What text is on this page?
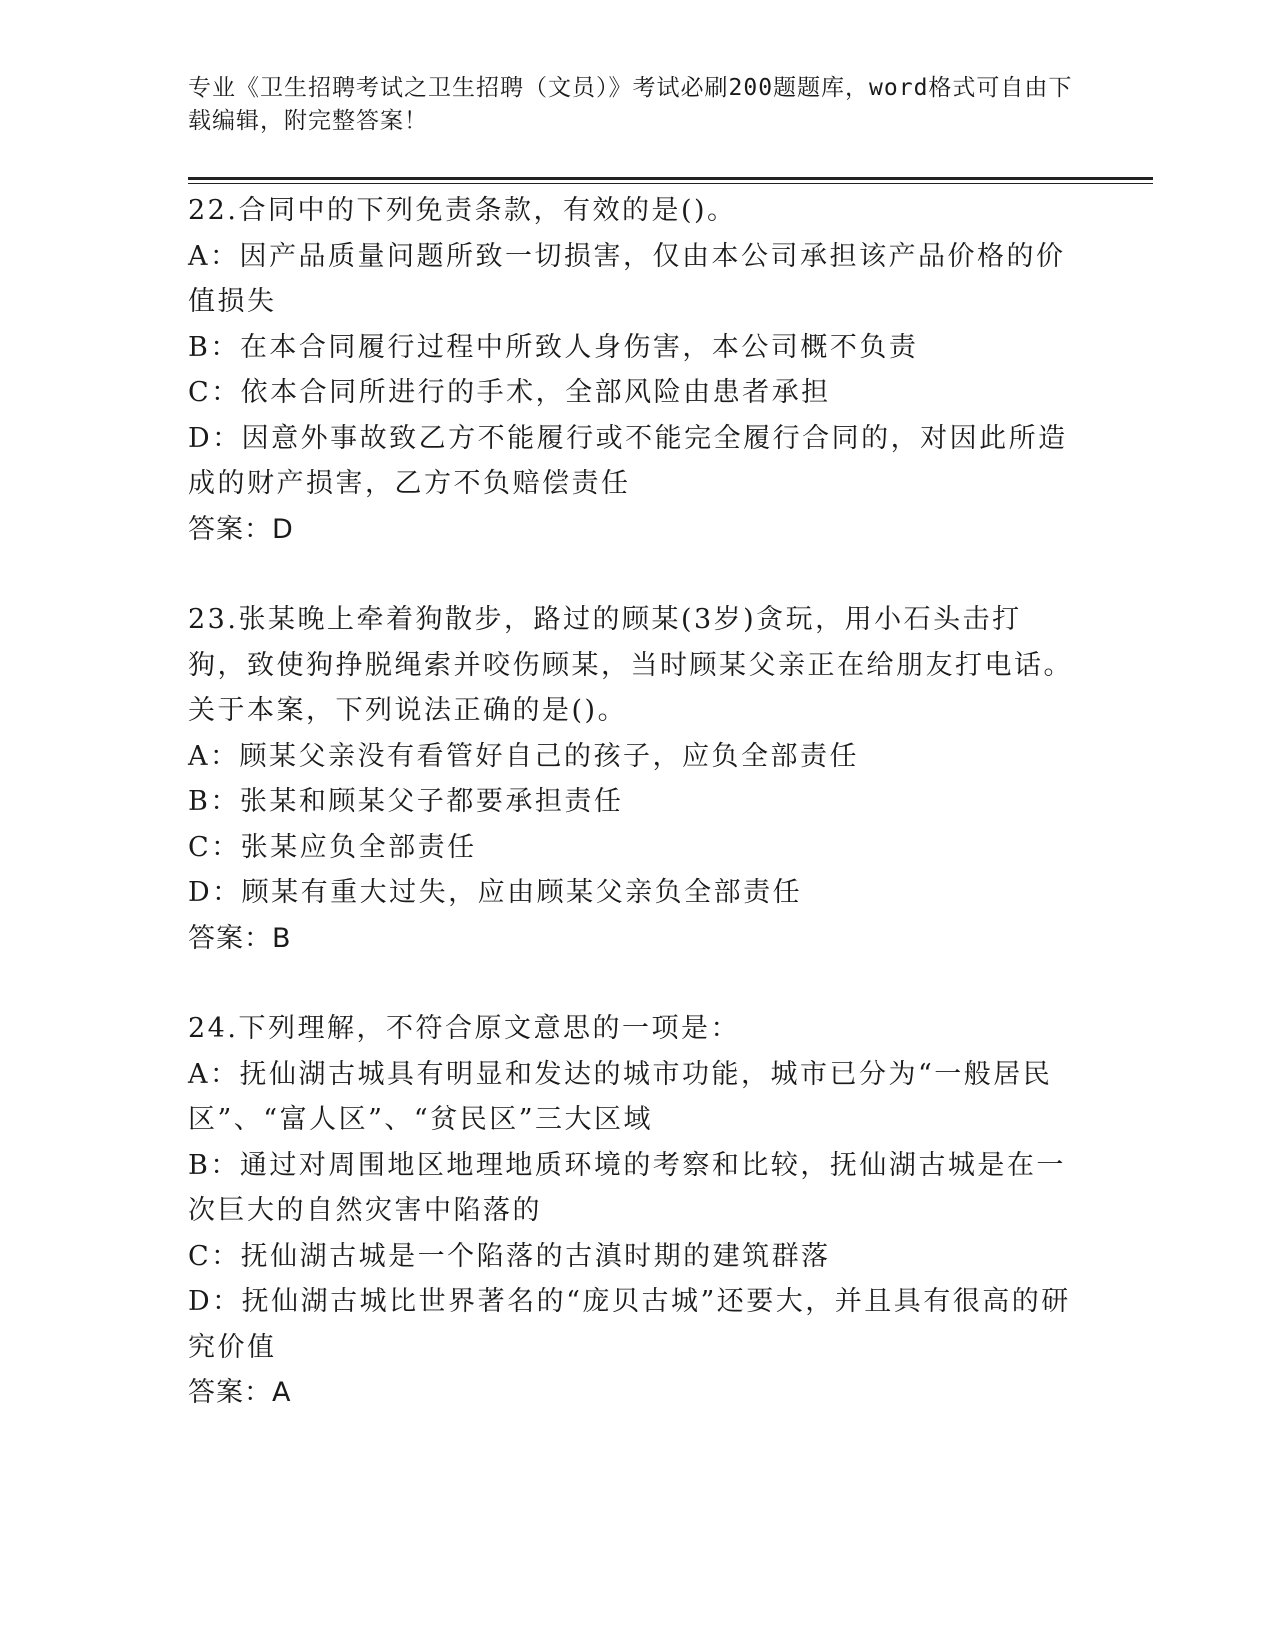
专业《卫生招聘考试之卫生招聘（文员）》考试必刷200题题库，word格式可自由下载编辑，附完整答案！
22.合同中的下列免责条款，有效的是()。
A：因产品质量问题所致一切损害，仅由本公司承担该产品价格的价值损失
B：在本合同履行过程中所致人身伤害，本公司概不负责
C：依本合同所进行的手术，全部风险由患者承担
D：因意外事故致乙方不能履行或不能完全履行合同的，对因此所造成的财产损害，乙方不负赔偿责任
答案：D
23.张某晚上牵着狗散步，路过的顾某(3岁)贪玩，用小石头击打狗，致使狗挣脱绳索并咬伤顾某，当时顾某父亲正在给朋友打电话。关于本案，下列说法正确的是()。
A：顾某父亲没有看管好自己的孩子，应负全部责任
B：张某和顾某父子都要承担责任
C：张某应负全部责任
D：顾某有重大过失，应由顾某父亲负全部责任
答案：B
24.下列理解，不符合原文意思的一项是：
A：抚仙湖古城具有明显和发达的城市功能，城市已分为“一般居民区”、“富人区”、“贫民区”三大区域
B：通过对周围地区地理地质环境的考察和比较，抚仙湖古城是在一次巨大的自然灾害中陷落的
C：抚仙湖古城是一个陷落的古滇时期的建筑群落
D：抚仙湖古城比世界著名的“庞贝古城”还要大，并且具有很高的研究价值
答案：A
